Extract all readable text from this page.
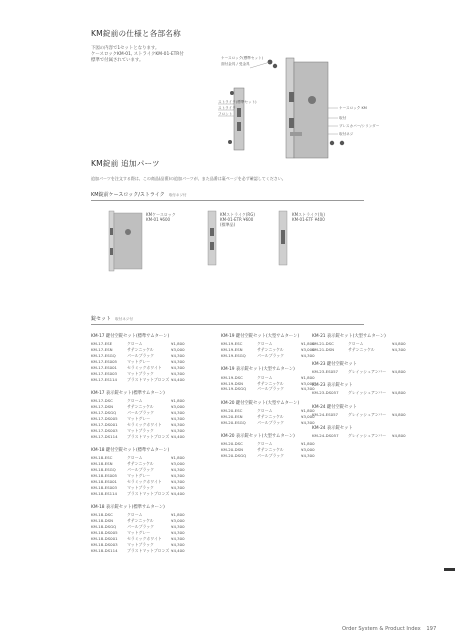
KM錠前の仕様と各部名称
下図の内容で1セットとなります。
ケースロックKM-01, ストライクKM-01-ETR付
標準で付属されています。	ケースロック(標準セット)
面付金具 / 受金具
ストライク(標準セット)
ストライク
フロント
ケースロック KM
取付
プレスカバー/シリンダー
取付ネジ
KM錠前 追加パーツ
追加パーツを注文する際は、この商品(品番)の追加パーツが、また品番は裏ページを必ず確認してください。
KM錠前ケースロック/ストライク 取付ネジ付
KMケースロック
KM-01 ¥600
KMストライク(RG)
KM-01-ETR ¥600
(標準品)
KMストライク(角)
KM-01-ETF ¥400
錠セット 取付ネジ付
KM-17 鍵付空錠セット(標準サムターン)
KM-17-ESE	クローム	¥1,800
KM-17-ESN	サテンニッケル	¥3,000
KM-17-ESGQ	パールブラック	¥4,300
KM-17-ES005	マットグレー	¥4,300
KM-17-ES001	セラミックホワイト	¥4,300
KM-17-ES003	マットブラック	¥4,300
KM-17-ES114	ブラストマットブロンズ ¥4,400
KM-17 表示錠セット(標準サムターン)
KM-17-DSC	クローム	¥1,800
KM-17-DSN	サテンニッケル	¥3,000
KM-17-DSGQ	パールブラック	¥4,300
KM-17-DS005	マットグレー	¥4,300
KM-17-DS001	セラミックホワイト	¥4,300
KM-17-DS003	マットブラック	¥4,300
KM-17-DS114	ブラストマットブロンズ ¥4,400
KM-18 鍵付空錠セット(標準サムターン)
KM-18-ESC	クローム	¥1,800
KM-18-ESN	サテンニッケル	¥3,000
KM-18-ESGQ	パールブラック	¥4,300
KM-18-ES005	マットグレー	¥4,300
KM-18-ES001	セラミックホワイト	¥4,300
KM-18-ES003	マットブラック	¥4,300
KM-18-ES114	ブラストマットブロンズ ¥4,400
KM-18 表示錠セット(標準サムターン)
KM-18-DSC	クローム	¥1,800
KM-18-DSN	サテンニッケル	¥3,000
KM-18-DSGQ	パールブラック	¥4,300
KM-18-DS005	マットグレー	¥4,300
KM-18-DS001	セラミックホワイト	¥4,300
KM-18-DS003	マットブラック	¥4,300
KM-18-DS114	ブラストマットブロンズ ¥4,400
KM-19 鍵付空錠セット(大型サムターン)
KM-19-ESC	クローム	¥1,800
KM-19-ESN	サテンニッケル	¥3,000
KM-19-ESGQ	パールブラック	¥4,300
KM-19 表示錠セット(大型サムターン)
KM-19-DSC	クローム	¥1,800
KM-19-DSN	サテンニッケル	¥3,000
KM-19-DSGQ	パールブラック	¥4,300
KM-20 鍵付空錠セット(大型サムターン)
KM-20-ESC	クローム	¥1,800
KM-20-ESN	サテンニッケル	¥3,000
KM-20-ESGQ	パールブラック	¥4,300
KM-20 表示錠セット(大型サムターン)
KM-20-DSC	クローム	¥1,800
KM-20-DSN	サテンニッケル	¥3,000
KM-20-DSGQ	パールブラック	¥4,300
KM-21 表示錠セット(大型サムターン)
KM-21-DSC	クローム	¥4,800
KM-21-DSN	サテンニッケル	¥4,300
KM-23 鍵付空錠セット
KM-23-ES057	グレイッシュアンバー	¥4,800
KM-23 表示錠セット
KM-23-DS057	グレイッシュアンバー	¥4,800
KM-24 鍵付空錠セット
KM-24-ES057	グレイッシュアンバー	¥4,800
KM-24 表示錠セット
KM-24-DS057	グレイッシュアンバー	¥4,800
Order System & Product Index 197
